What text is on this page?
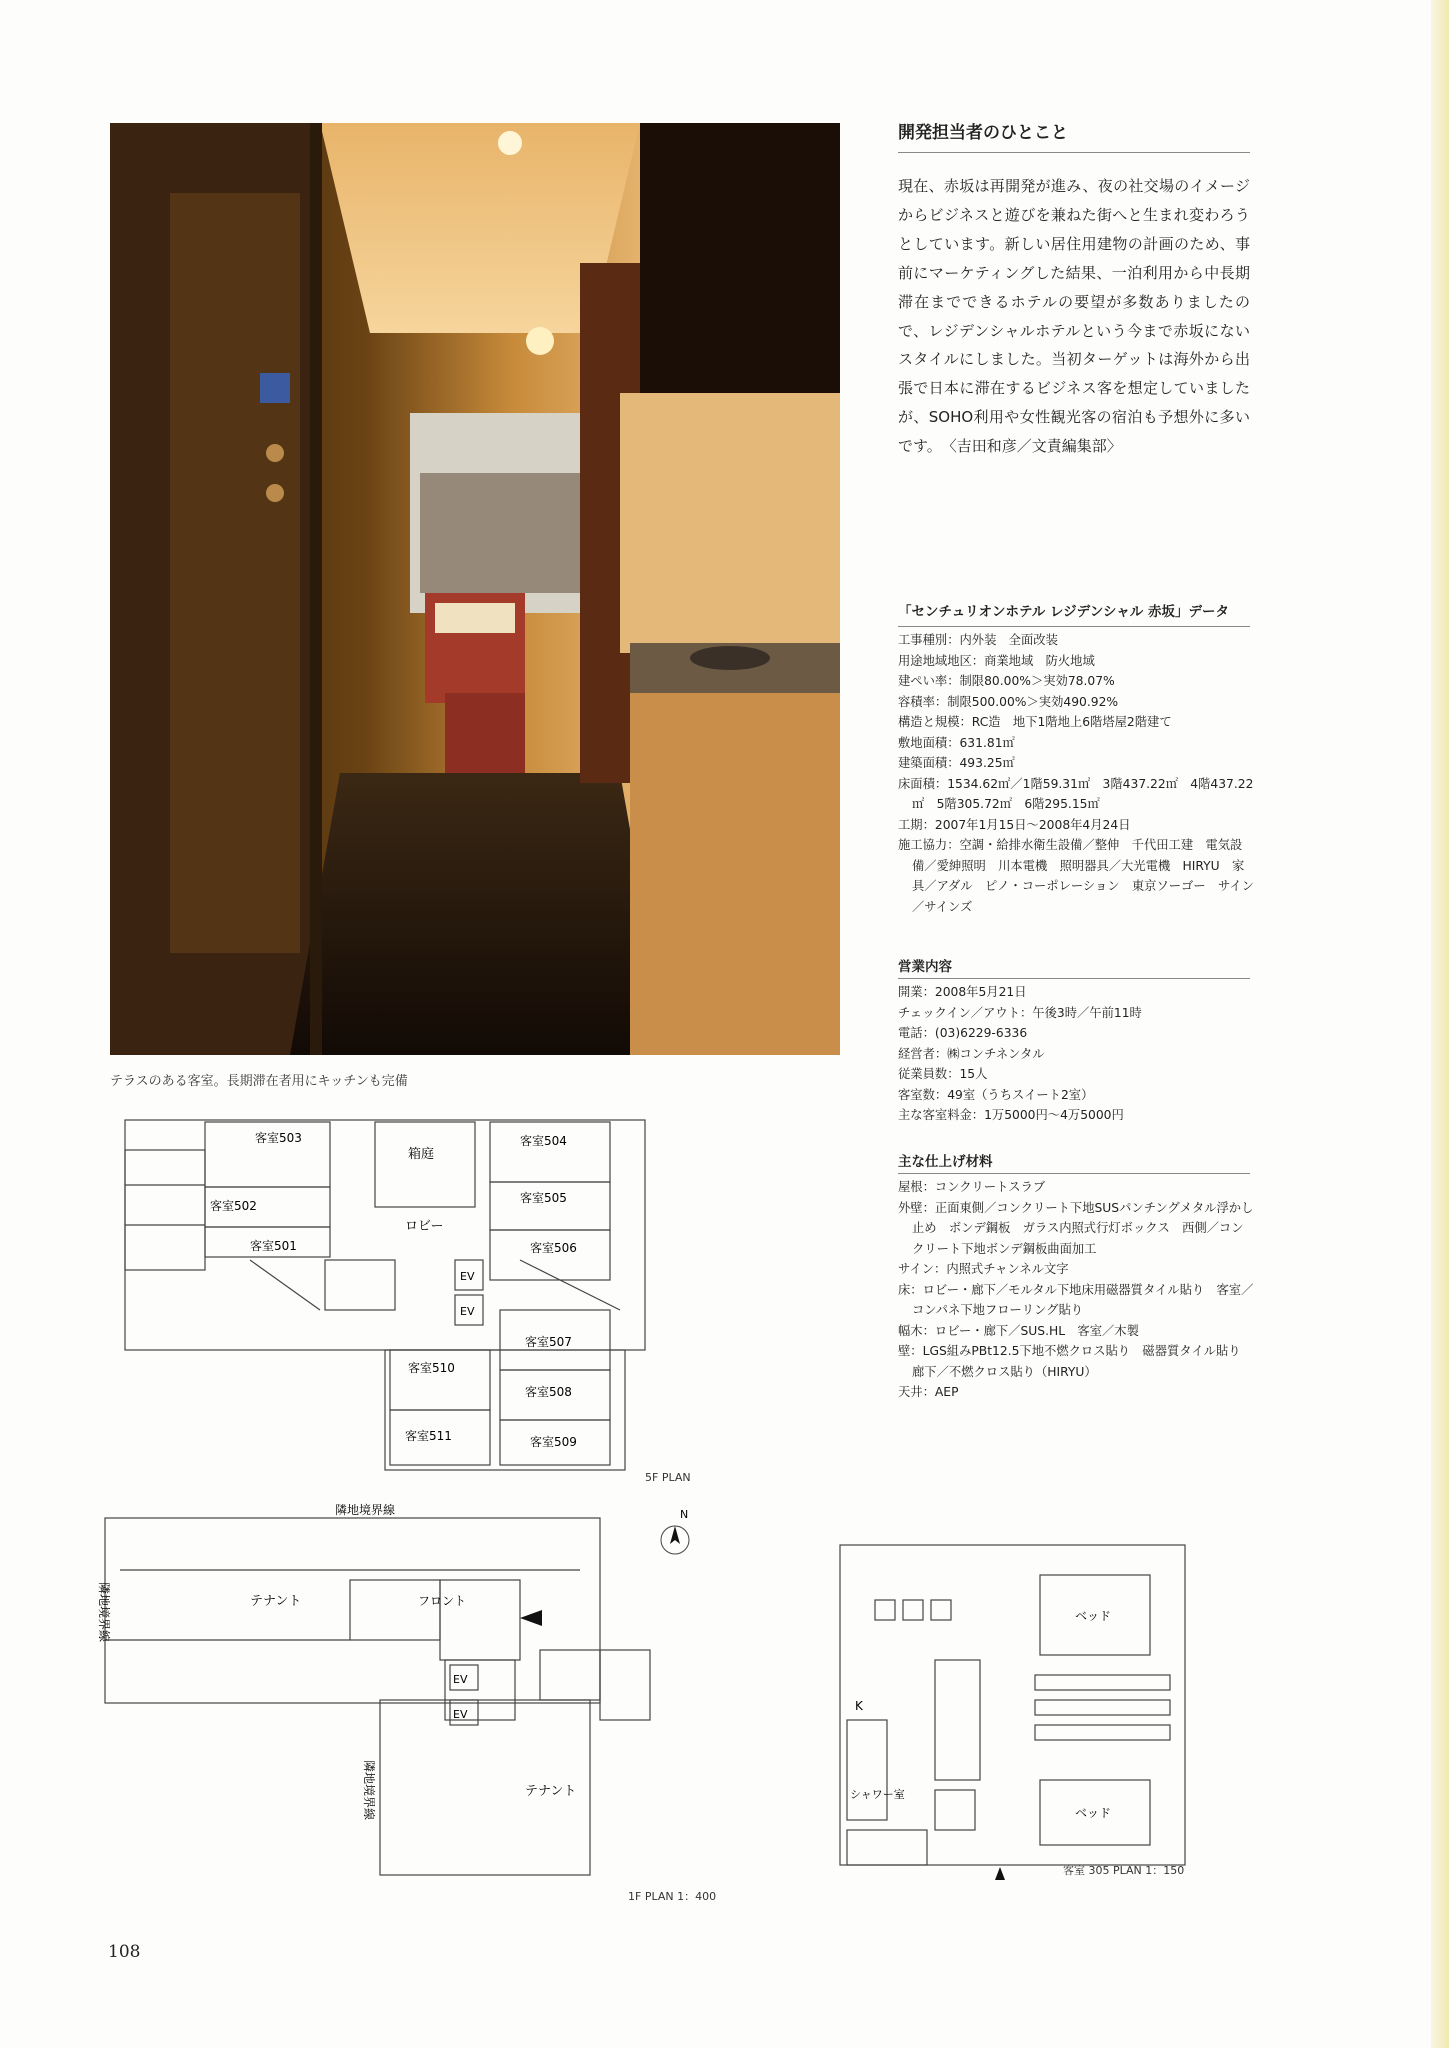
テラスのある客室。長期滞在者用にキッチンも完備
開発担当者のひとこと
現在、赤坂は再開発が進み、夜の社交場のイメージからビジネスと遊びを兼ねた街へと生まれ変わろうとしています。新しい居住用建物の計画のため、事前にマーケティングした結果、一泊利用から中長期滞在までできるホテルの要望が多数ありましたので、レジデンシャルホテルという今まで赤坂にないスタイルにしました。当初ターゲットは海外から出張で日本に滞在するビジネス客を想定していましたが、SOHO利用や女性観光客の宿泊も予想外に多いです。　〈吉田和彦／文責編集部〉
「センチュリオンホテル レジデンシャル 赤坂」データ
工事種別：内外装　全面改装
用途地域地区：商業地域　防火地域
建ぺい率：制限80.00%＞実効78.07%
容積率：制限500.00%＞実効490.92%
構造と規模：RC造　地下1階地上6階塔屋2階建て
敷地面積：631.81㎡
建築面積：493.25㎡
床面積：1534.62㎡／1階59.31㎡　3階437.22㎡　4階437.22㎡　5階305.72㎡　6階295.15㎡
工期：2007年1月15日〜2008年4月24日
施工協力：空調・給排水衛生設備／整伸　千代田工建　電気設備／愛紳照明　川本電機　照明器具／大光電機　HIRYU　家具／アダル　ピノ・コーポレーション　東京ソーゴー　サイン／サインズ
営業内容
開業：2008年5月21日
チェックイン／アウト：午後3時／午前11時
電話：(03)6229-6336
経営者：㈱コンチネンタル
従業員数：15人
客室数：49室（うちスイート2室）
主な客室料金：1万5000円〜4万5000円
主な仕上げ材料
屋根：コンクリートスラブ
外壁：正面東側／コンクリート下地SUSパンチングメタル浮かし止め　ボンデ鋼板　ガラス内照式行灯ボックス　西側／コンクリート下地ボンデ鋼板曲面加工
サイン：内照式チャンネル文字
床：ロビー・廊下／モルタル下地床用磁器質タイル貼り　客室／コンパネ下地フローリング貼り
幅木：ロビー・廊下／SUS.HL　客室／木製
壁：LGS組みPBt12.5下地不燃クロス貼り　磁器質タイル貼り　廊下／不燃クロス貼り（HIRYU）
天井：AEP
客室503
客室502
客室501
箱庭
ロビー
客室504
客室505
客室506
EV
EV
客室507
客室508
客室509
客室510
客室511
5F PLAN
N
隣地境界線
隣地境界線
隣地境界線
テナント	フロント
EV
EV
テナント
1F PLAN 1：400
ベッド
ベッド
K
シャワー室
客室 305 PLAN 1：150
108
